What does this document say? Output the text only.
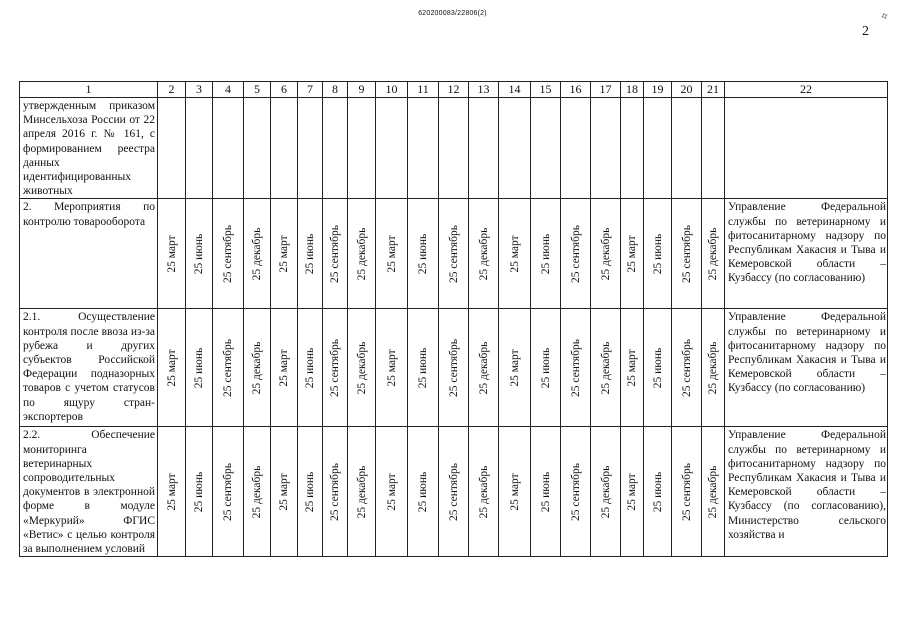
620200083/22806(2)	⟡
2
1	2	3	4	5	6	7	8	9	10	11	12	13	14	15	16	17	18	19	20	21	22
утвержденным приказом Минсельхоза России от 22 апреля 2016 г. № 161, с формированием реестра данных идентифицированных животных																					
2. Мероприятия по контролю товарооборота	25 март	25 июнь	25 сентябрь	25 декабрь	25 март	25 июнь	25 сентябрь	25 декабрь	25 март	25 июнь	25 сентябрь	25 декабрь	25 март	25 июнь	25 сентябрь	25 декабрь	25 март	25 июнь	25 сентябрь	25 декабрь	Управление Федеральной службы по ветеринарному и фитосанитарному надзору по Республикам Хакасия и Тыва и Кемеровской области – Кузбассу (по согласованию)
2.1. Осуществление контроля после ввоза из-за рубежа и других субъектов Российской Федерации подназорных товаров с учетом статусов по ящуру стран-экспортеров	25 март	25 июнь	25 сентябрь	25 декабрь	25 март	25 июнь	25 сентябрь	25 декабрь	25 март	25 июнь	25 сентябрь	25 декабрь	25 март	25 июнь	25 сентябрь	25 декабрь	25 март	25 июнь	25 сентябрь	25 декабрь	Управление Федеральной службы по ветеринарному и фитосанитарному надзору по Республикам Хакасия и Тыва и Кемеровской области – Кузбассу (по согласованию)
2.2. Обеспечение мониторинга ветеринарных сопроводительных документов в электронной форме в модуле «Меркурий» ФГИС «Ветис» с целью контроля за выполнением условий	25 март	25 июнь	25 сентябрь	25 декабрь	25 март	25 июнь	25 сентябрь	25 декабрь	25 март	25 июнь	25 сентябрь	25 декабрь	25 март	25 июнь	25 сентябрь	25 декабрь	25 март	25 июнь	25 сентябрь	25 декабрь	Управление Федеральной службы по ветеринарному и фитосанитарному надзору по Республикам Хакасия и Тыва и Кемеровской области – Кузбассу (по согласованию), Министерство сельского хозяйства и
